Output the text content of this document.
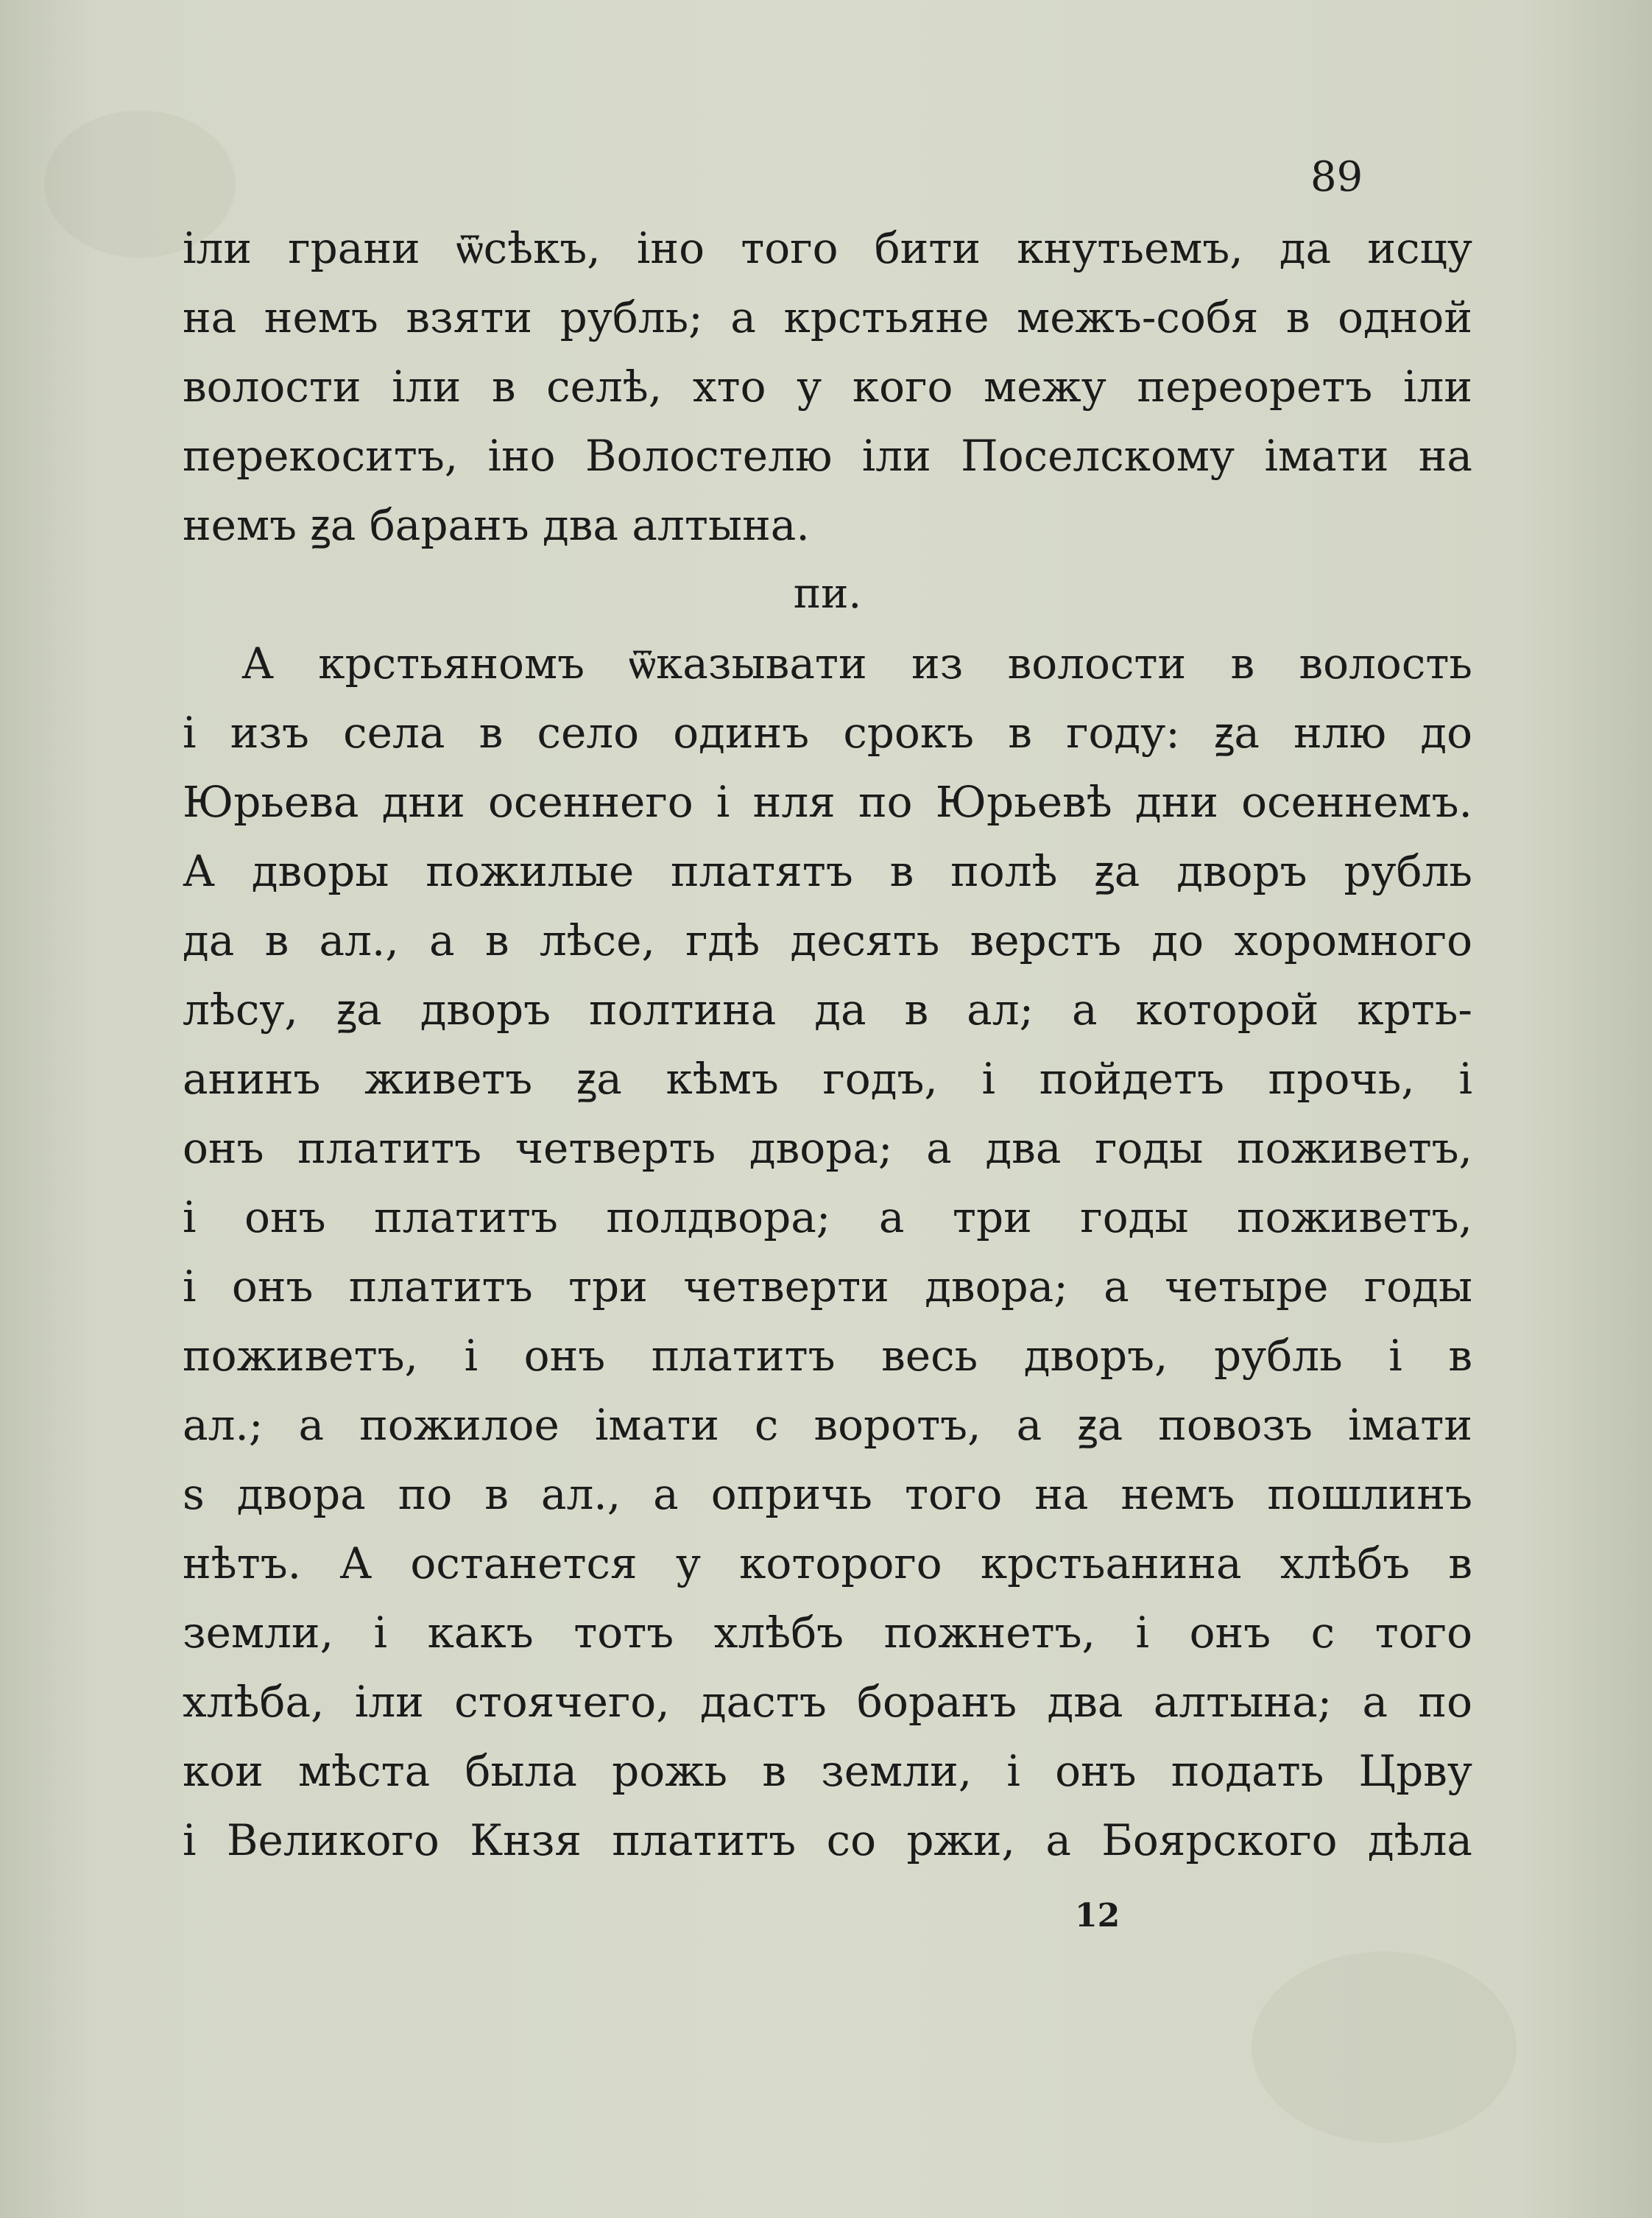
89

іли грани ѿсѣкъ, іно того бити кнутьемъ, да исцу
на немъ взяти рубль; а крстьяне межъ-собя в одной
волости іли в селѣ, хто у кого межу переоретъ іли
перекоситъ, іно Волостелю іли Поселскому імати на
немъ ꙃа баранъ два алтына.
пи.
А крстьяномъ ѿказывати из волости в волость
і изъ села в село одинъ срокъ в году: ꙃа нлю до
Юрьева дни осеннего і нля по Юрьевѣ дни осеннемъ.
А дворы пожилые платятъ в полѣ ꙃа дворъ рубль
да в ал., а в лѣсе, гдѣ десять верстъ до хоромного
лѣсу, ꙃа дворъ полтина да в ал; а которой крть-
анинъ живетъ ꙃа кѣмъ годъ, і пойдетъ прочь, і
онъ платитъ четверть двора; а два годы поживетъ,
і онъ платитъ полдвора; а три годы поживетъ,
і онъ платитъ три четверти двора; а четыре годы
поживетъ, і онъ платитъ весь дворъ, рубль і в
ал.; а пожилое імати с воротъ, а ꙃа повозъ імати
ѕ двора по в ал., а опричь того на немъ пошлинъ
нѣтъ. А останется у которого крстьанина хлѣбъ в
земли, і какъ тотъ хлѣбъ пожнетъ, і онъ с того
хлѣба, іли стоячего, дастъ боранъ два алтына; а по
кои мѣста была рожь в земли, і онъ подать Црву
і Великого Кнзя платитъ со ржи, а Боярского дѣла

12
